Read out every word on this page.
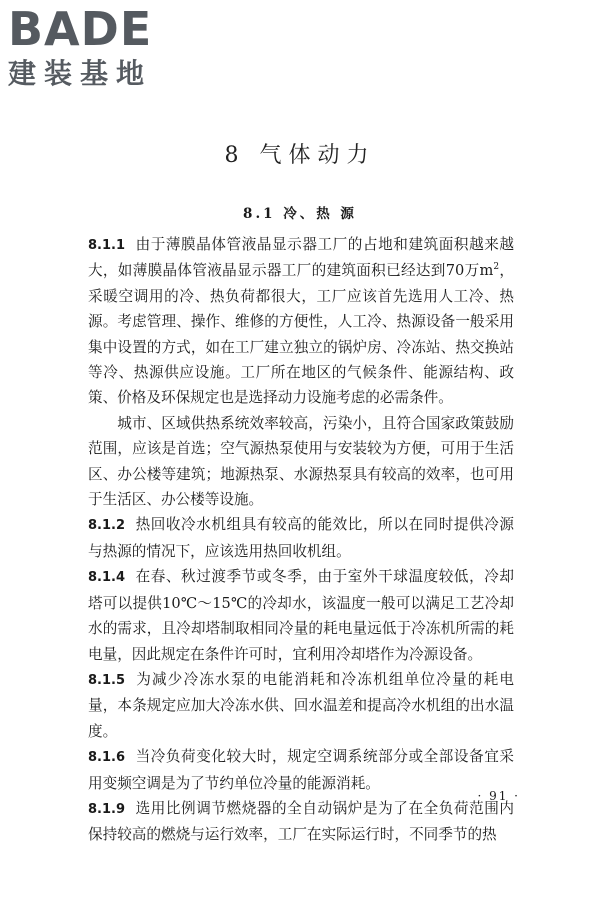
BADE
建装基地
8 气体动力
8.1 冷、热 源

8.1.1 由于薄膜晶体管液晶显示器工厂的占地和建筑面积越来越大，如薄膜晶体管液晶显示器工厂的建筑面积已经达到70万$m^2$，采暖空调用的冷、热负荷都很大，工厂应该首先选用人工冷、热源。考虑管理、操作、维修的方便性，人工冷、热源设备一般采用集中设置的方式，如在工厂建立独立的锅炉房、冷冻站、热交换站等冷、热源供应设施。工厂所在地区的气候条件、能源结构、政策、价格及环保规定也是选择动力设施考虑的必需条件。

城市、区域供热系统效率较高，污染小，且符合国家政策鼓励范围，应该是首选；空气源热泵使用与安装较为方便，可用于生活区、办公楼等建筑；地源热泵、水源热泵具有较高的效率，也可用于生活区、办公楼等设施。

8.1.2 热回收冷水机组具有较高的能效比，所以在同时提供冷源与热源的情况下，应该选用热回收机组。

8.1.4 在春、秋过渡季节或冬季，由于室外干球温度较低，冷却塔可以提供10℃～15℃的冷却水，该温度一般可以满足工艺冷却水的需求，且冷却塔制取相同冷量的耗电量远低于冷冻机所需的耗电量，因此规定在条件许可时，宜利用冷却塔作为冷源设备。

8.1.5 为减少冷冻水泵的电能消耗和冷冻机组单位冷量的耗电量，本条规定应加大冷冻水供、回水温差和提高冷水机组的出水温度。

8.1.6 当冷负荷变化较大时，规定空调系统部分或全部设备宜采用变频空调是为了节约单位冷量的能源消耗。

8.1.9 选用比例调节燃烧器的全自动锅炉是为了在全负荷范围内保持较高的燃烧与运行效率，工厂在实际运行时，不同季节的热

· 91 ·
